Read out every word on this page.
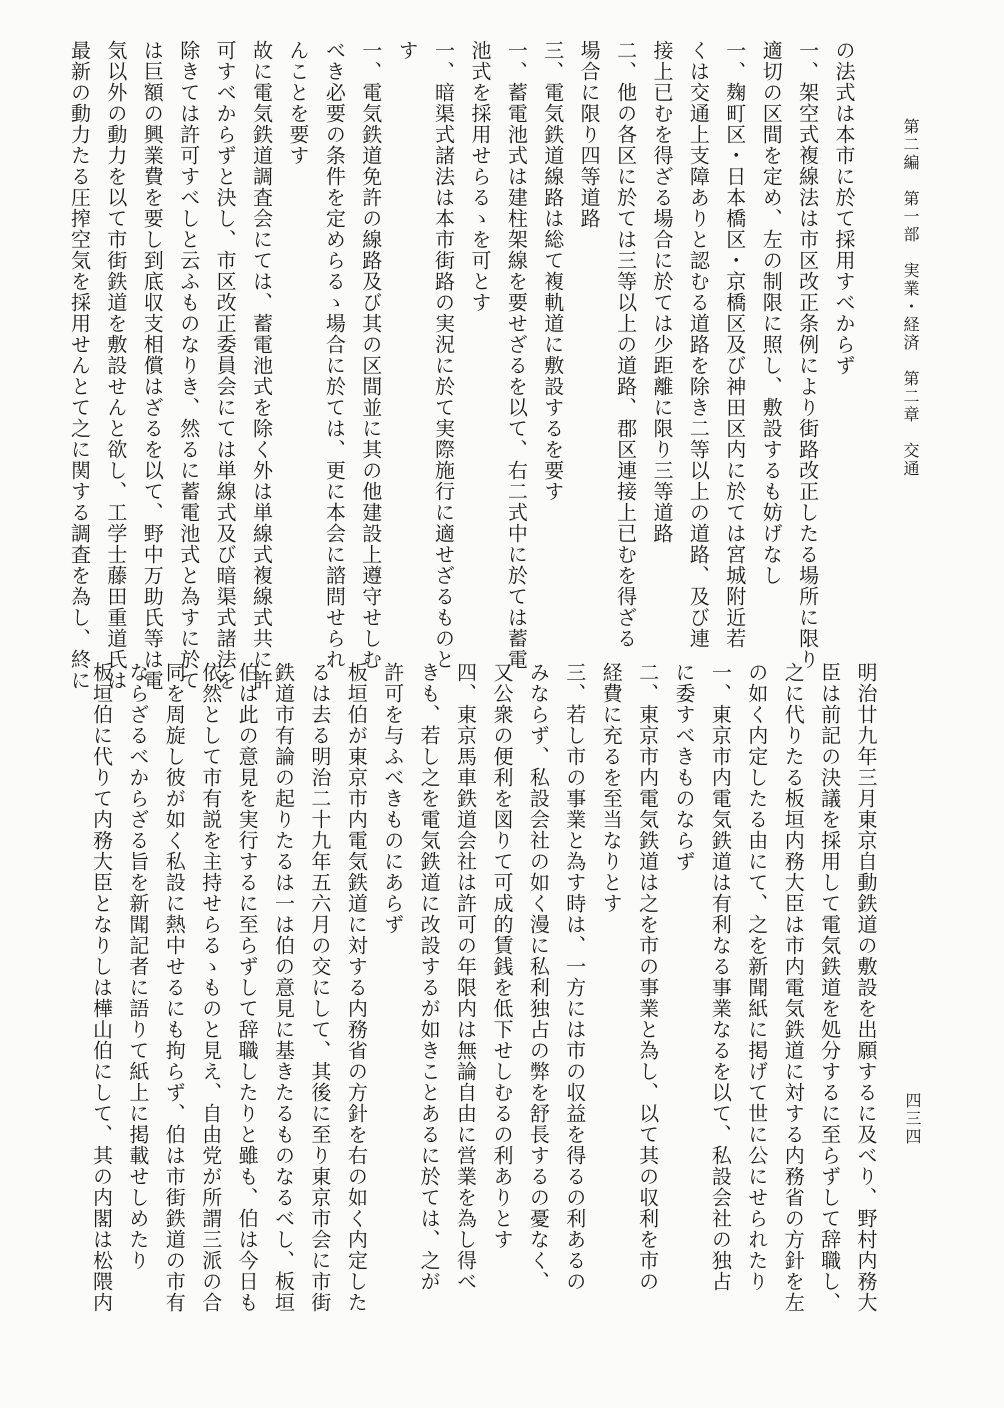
第二編　第一部　実業・経済　第二章　交通
四三四
の法式は本市に於て採用すべからず
一、架空式複線法は市区改正条例により街路改正したる場所に限り
適切の区間を定め、左の制限に照し、敷設するも妨げなし
一、麹町区・日本橋区・京橋区及び神田区内に於ては宮城附近若
くは交通上支障ありと認むる道路を除き二等以上の道路、及び連
接上已むを得ざる場合に於ては少距離に限り三等道路
二、他の各区に於ては三等以上の道路、郡区連接上已むを得ざる
場合に限り四等道路
三、電気鉄道線路は総て複軌道に敷設するを要す
一、蓄電池式は建柱架線を要せざるを以て、右二式中に於ては蓄電
池式を採用せらるゝを可とす
一、暗渠式諸法は本市街路の実況に於て実際施行に適せざるものと
す
一、電気鉄道免許の線路及び其の区間並に其の他建設上遵守せしむ
べき必要の条件を定めらるゝ場合に於ては、更に本会に諮問せられ
んことを要す
故に電気鉄道調査会にては、蓄電池式を除く外は単線式複線式共に許
可すべからずと決し、市区改正委員会にては単線式及び暗渠式諸法を
除きては許可すべしと云ふものなりき、然るに蓄電池式と為すに於て
は巨額の興業費を要し到底収支相償はざるを以て、野中万助氏等は電
気以外の動力を以て市街鉄道を敷設せんと欲し、工学士藤田重道氏は
最新の動力たる圧搾空気を採用せんとて之に関する調査を為し、終に
明治廿九年三月東京自動鉄道の敷設を出願するに及べり、野村内務大
臣は前記の決議を採用して電気鉄道を処分するに至らずして辞職し、
之に代りたる板垣内務大臣は市内電気鉄道に対する内務省の方針を左
の如く内定したる由にて、之を新聞紙に掲げて世に公にせられたり
一、東京市内電気鉄道は有利なる事業なるを以て、私設会社の独占
に委すべきものならず
二、東京市内電気鉄道は之を市の事業と為し、以て其の収利を市の
経費に充るを至当なりとす
三、若し市の事業と為す時は、一方には市の収益を得るの利あるの
みならず、私設会社の如く漫に私利独占の弊を舒長するの憂なく、
又公衆の便利を図りて可成的賃銭を低下せしむるの利ありとす
四、東京馬車鉄道会社は許可の年限内は無論自由に営業を為し得べ
きも、若し之を電気鉄道に改設するが如きことあるに於ては、之が
許可を与ふべきものにあらず
板垣伯が東京市内電気鉄道に対する内務省の方針を右の如く内定した
るは去る明治二十九年五六月の交にして、其後に至り東京市会に市街
鉄道市有論の起りたるは一は伯の意見に基きたるものなるべし、板垣
伯は此の意見を実行するに至らずして辞職したりと雖も、伯は今日も
依然として市有説を主持せらるゝものと見え、自由党が所謂三派の合
同を周旋し彼が如く私設に熱中せるにも拘らず、伯は市街鉄道の市有
ならざるべからざる旨を新聞記者に語りて紙上に掲載せしめたり
板垣伯に代りて内務大臣となりしは樺山伯にして、其の内閣は松隈内
